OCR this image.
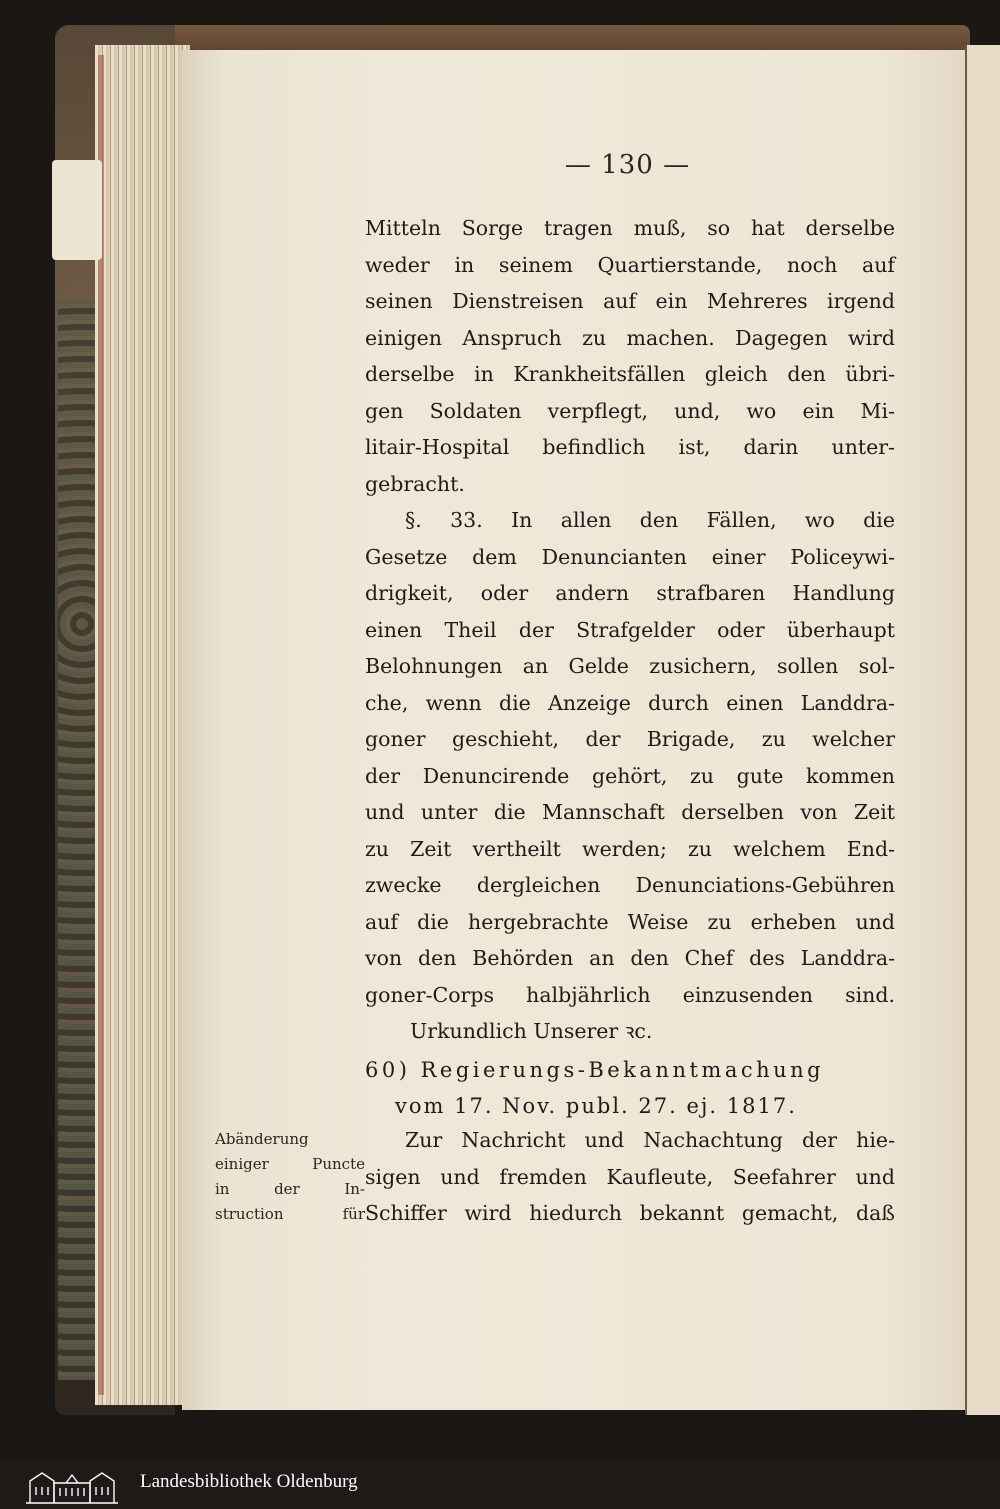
— 130 —
Mitteln Sorge tragen muß, so hat derselbe
weder in seinem Quartierstande, noch auf
seinen Dienstreisen auf ein Mehreres irgend
einigen Anspruch zu machen. Dagegen wird
derselbe in Krankheitsfällen gleich den übri-
gen Soldaten verpflegt, und, wo ein Mi-
litair-Hospital befindlich ist, darin unter-
gebracht.
§. 33. In allen den Fällen, wo die
Gesetze dem Denuncianten einer Policeywi-
drigkeit, oder andern strafbaren Handlung
einen Theil der Strafgelder oder überhaupt
Belohnungen an Gelde zusichern, sollen sol-
che, wenn die Anzeige durch einen Landdra-
goner geschieht, der Brigade, zu welcher
der Denuncirende gehört, zu gute kommen
und unter die Mannschaft derselben von Zeit
zu Zeit vertheilt werden; zu welchem End-
zwecke dergleichen Denunciations-Gebühren
auf die hergebrachte Weise zu erheben und
von den Behörden an den Chef des Landdra-
goner-Corps halbjährlich einzusenden sind.
Urkundlich Unserer ꝛc.
60) Regierungs-Bekanntmachung
vom 17. Nov. publ. 27. ej. 1817.
Abänderung
einiger Puncte
in der In-
struction für
Zur Nachricht und Nachachtung der hie-
sigen und fremden Kaufleute, Seefahrer und
Schiffer wird hiedurch bekannt gemacht, daß
Landesbibliothek Oldenburg
